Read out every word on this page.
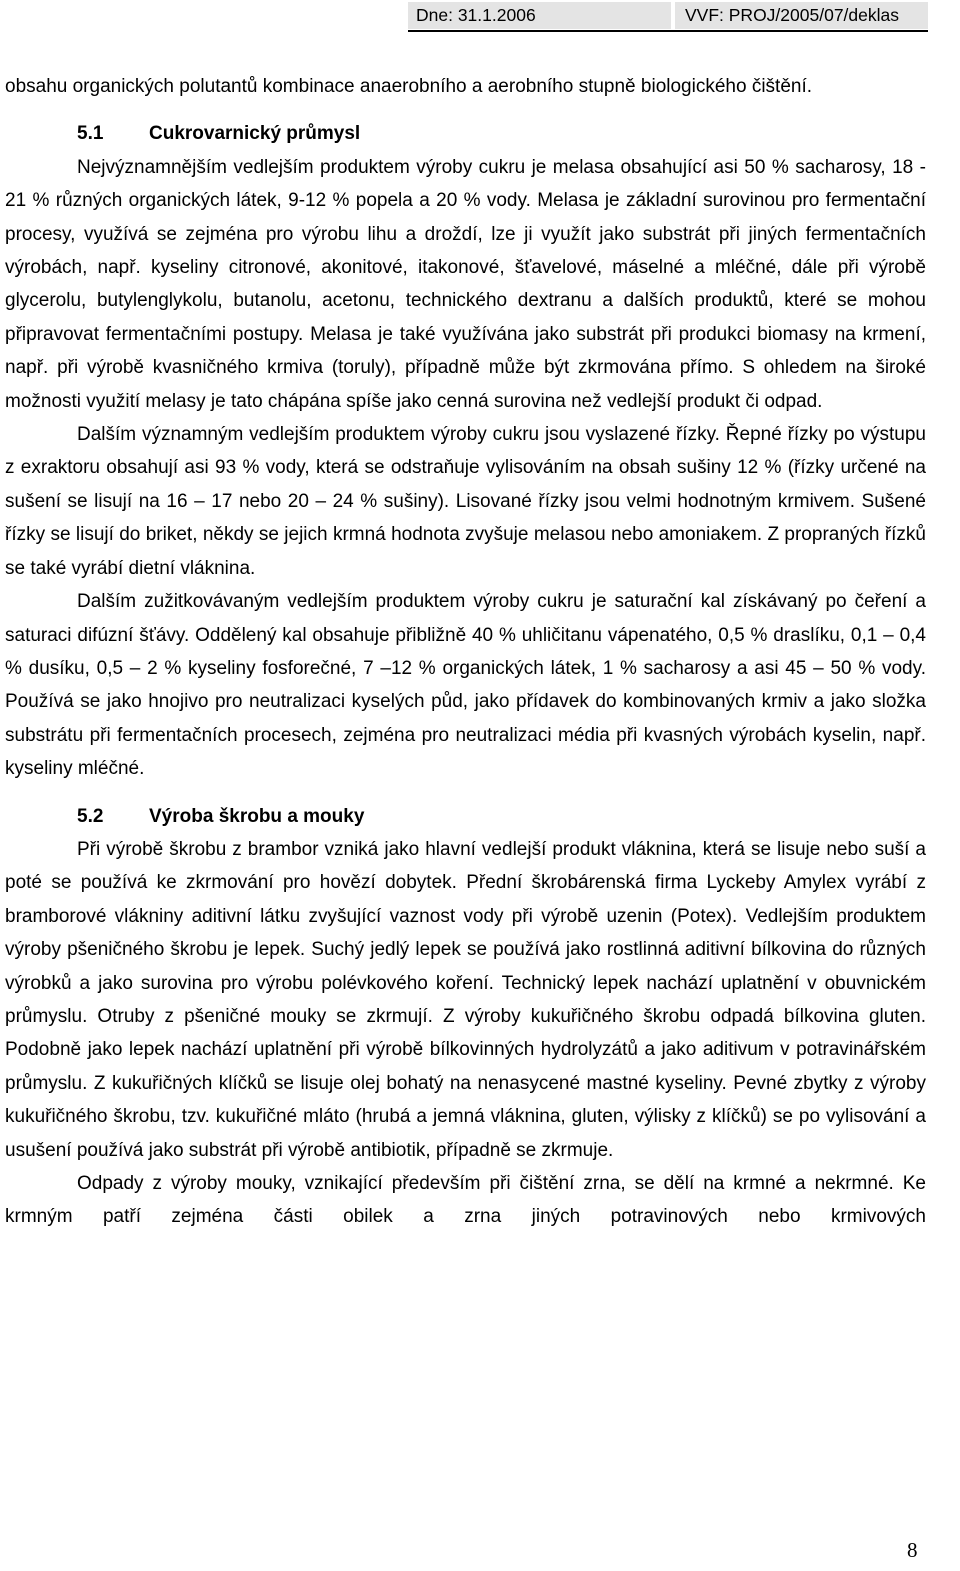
Dne: 31.1.2006	VVF: PROJ/2005/07/deklas

obsahu organických polutantů kombinace anaerobního a aerobního stupně biologického čištění.

5.1	Cukrovarnický průmysl

Nejvýznamnějším vedlejším produktem výroby cukru je melasa obsahující asi 50 % sacharosy, 18 - 21 % různých organických látek, 9-12 % popela a 20 % vody. Melasa je základní surovinou pro fermentační procesy, využívá se zejména pro výrobu lihu a droždí, lze ji využít jako substrát při jiných fermentačních výrobách, např. kyseliny citronové, akonitové, itakonové, šťavelové, máselné a mléčné, dále při výrobě glycerolu, butylenglykolu, butanolu, acetonu, technického dextranu a dalších produktů, které se mohou připravovat fermentačními postupy. Melasa je také využívána jako substrát při produkci biomasy na krmení, např. při výrobě kvasničného krmiva (toruly), případně může být zkrmována přímo. S ohledem na široké možnosti využití melasy je tato chápána spíše jako cenná surovina než vedlejší produkt či odpad.

Dalším významným vedlejším produktem výroby cukru jsou vyslazené řízky. Řepné řízky po výstupu z exraktoru obsahují asi 93 % vody, která se odstraňuje vylisováním na obsah sušiny 12 % (řízky určené na sušení se lisují na 16 – 17 nebo 20 – 24 % sušiny). Lisované řízky jsou velmi hodnotným krmivem. Sušené řízky se lisují do briket, někdy se jejich krmná hodnota zvyšuje melasou nebo amoniakem. Z propraných řízků se také vyrábí dietní vláknina.

Dalším zužitkovávaným vedlejším produktem výroby cukru je saturační kal získávaný po čeření a saturaci difúzní šťávy. Oddělený kal obsahuje přibližně 40 % uhličitanu vápenatého, 0,5 % draslíku, 0,1 – 0,4 % dusíku, 0,5 – 2 % kyseliny fosforečné, 7 –12 % organických látek, 1 % sacharosy a asi 45 – 50 % vody. Používá se jako hnojivo pro neutralizaci kyselých půd, jako přídavek do kombinovaných krmiv a jako složka substrátu při fermentačních procesech, zejména pro neutralizaci média při kvasných výrobách kyselin, např. kyseliny mléčné.

5.2	Výroba škrobu a mouky

Při výrobě škrobu z brambor vzniká jako hlavní vedlejší produkt vláknina, která se lisuje nebo suší a poté se používá ke zkrmování pro hovězí dobytek. Přední škrobárenská firma Lyckeby Amylex vyrábí z bramborové vlákniny aditivní látku zvyšující vaznost vody při výrobě uzenin (Potex). Vedlejším produktem výroby pšeničného škrobu je lepek. Suchý jedlý lepek se používá jako rostlinná aditivní bílkovina do různých výrobků a jako surovina pro výrobu polévkového koření. Technický lepek nachází uplatnění v obuvnickém průmyslu. Otruby z pšeničné mouky se zkrmují. Z výroby kukuřičného škrobu odpadá bílkovina gluten. Podobně jako lepek nachází uplatnění při výrobě bílkovinných hydrolyzátů a jako aditivum v potravinářském průmyslu. Z kukuřičných klíčků se lisuje olej bohatý na nenasycené mastné kyseliny. Pevné zbytky z výroby kukuřičného škrobu, tzv. kukuřičné mláto (hrubá a jemná vláknina, gluten, výlisky z klíčků) se po vylisování a usušení používá jako substrát při výrobě antibiotik, případně se zkrmuje.

Odpady z výroby mouky, vznikající především při čištění zrna, se dělí na krmné a nekrmné. Ke krmným patří zejména části obilek a zrna jiných potravinových nebo krmivových

8
